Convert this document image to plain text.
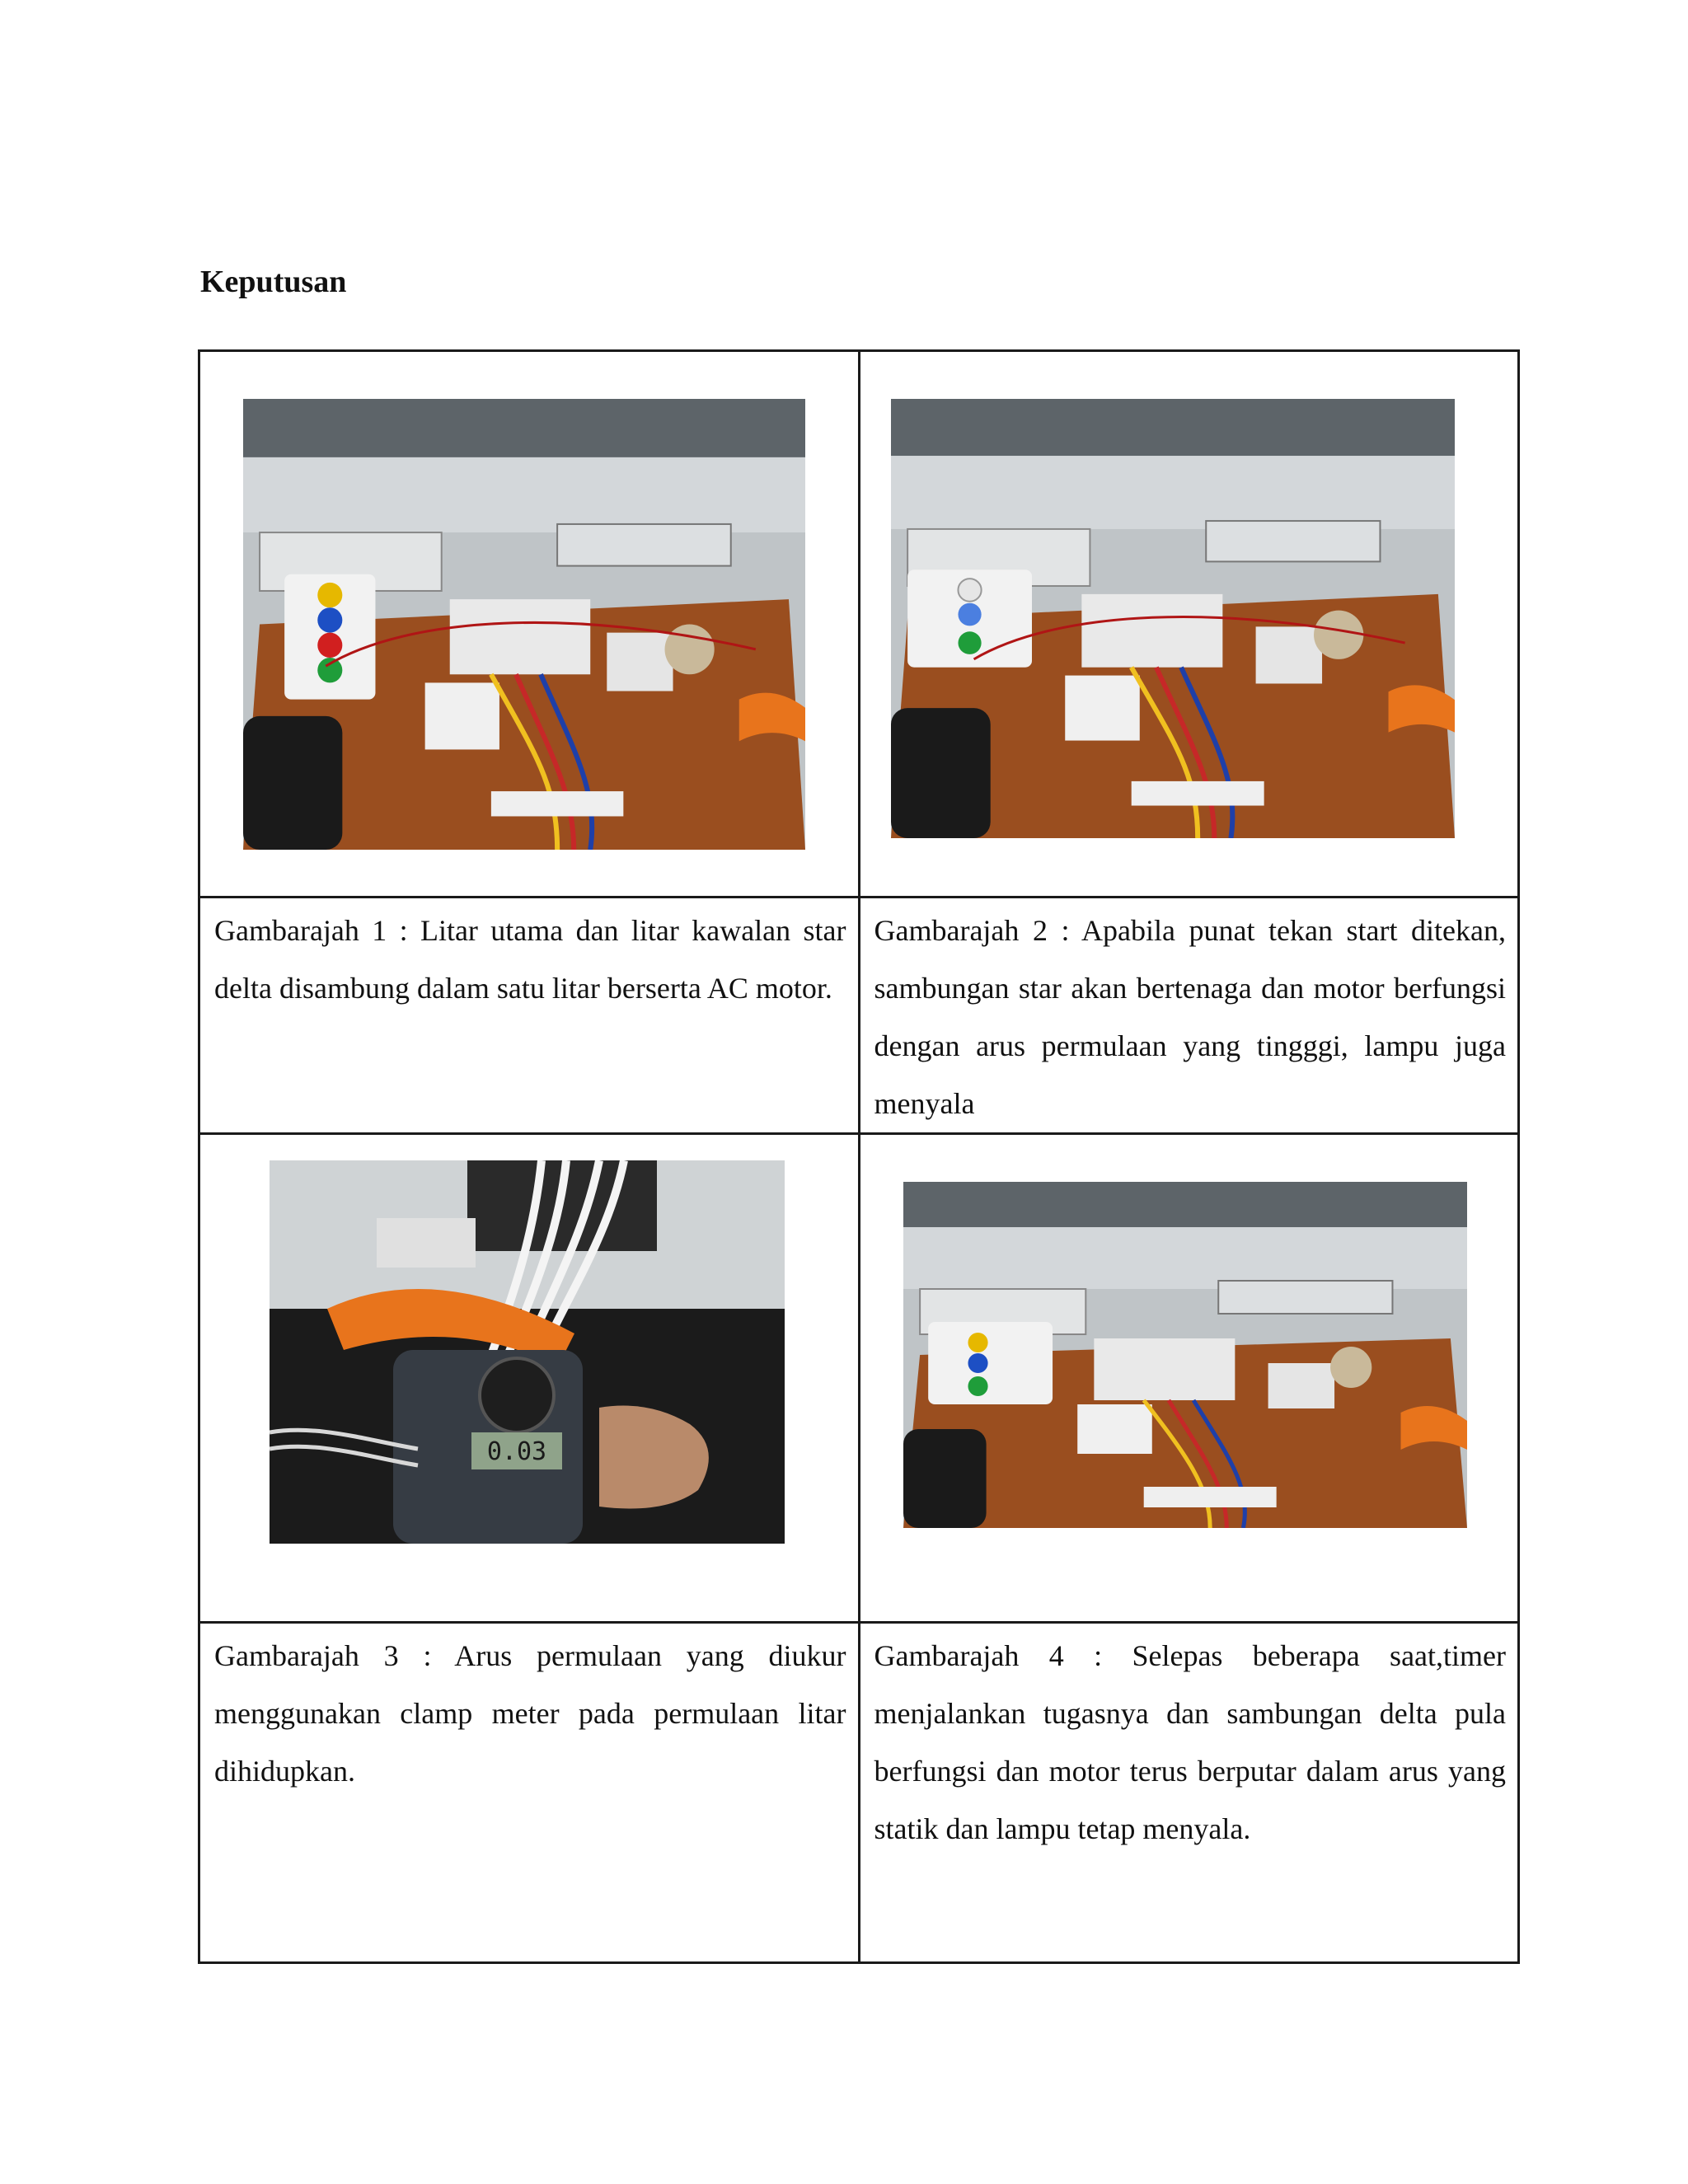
Keputusan

Gambarajah 1 : Litar utama dan litar kawalan star delta disambung dalam satu litar berserta AC motor.	Gambarajah 2 : Apabila punat tekan start ditekan, sambungan star akan bertenaga dan motor berfungsi dengan arus permulaan yang tingggi, lampu juga menyala

0.03

Gambarajah 3 : Arus permulaan yang diukur menggunakan clamp meter pada permulaan litar dihidupkan.	Gambarajah 4 : Selepas beberapa saat,timer menjalankan tugasnya dan sambungan delta pula berfungsi dan motor terus berputar dalam arus yang statik dan lampu tetap menyala.
